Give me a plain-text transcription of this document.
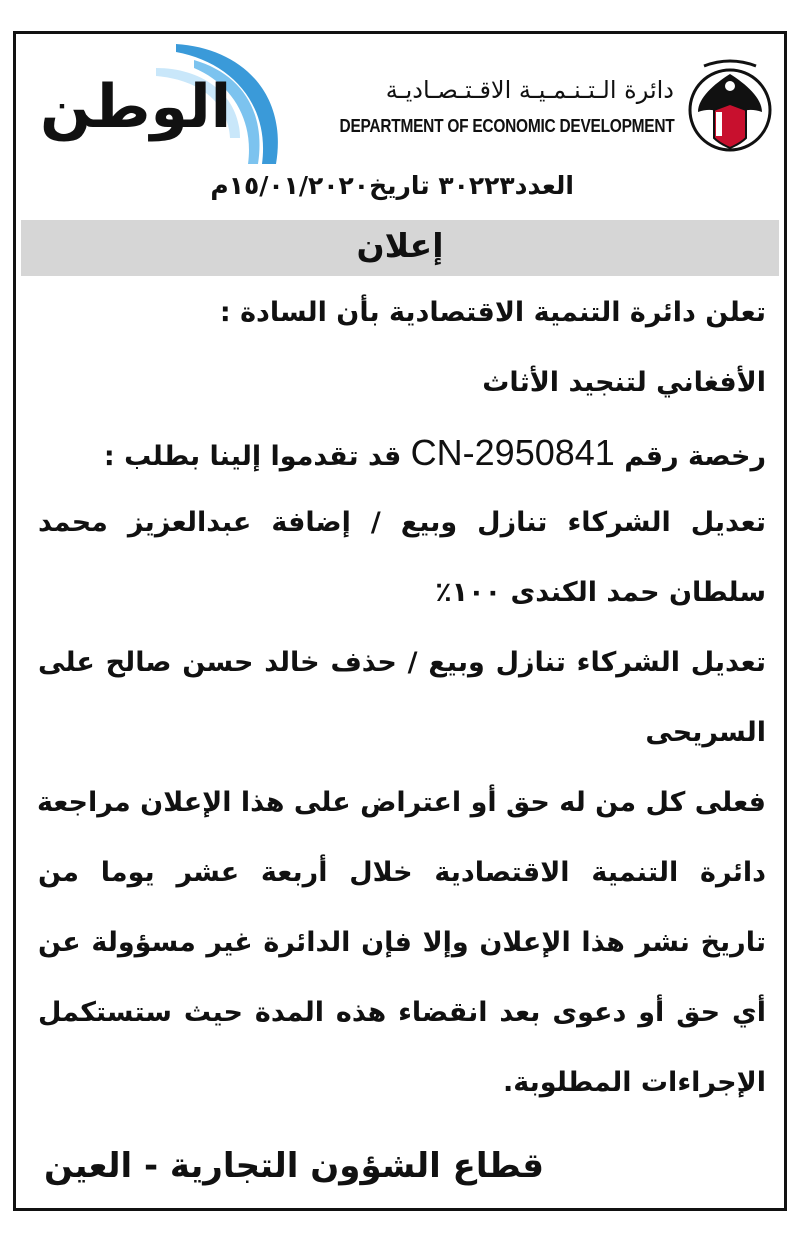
الوطن	دائرة الـتـنـمـيـة الاقـتـصـاديـة
DEPARTMENT OF ECONOMIC DEVELOPMENT
العدد٣٠٢٢٣ تاريخ١٥/٠١/٢٠٢٠م
إعلان
تعلن دائرة التنمية الاقتصادية بأن السادة :
الأفغاني لتنجيد الأثاث
رخصة رقم CN-2950841 قد تقدموا إلينا بطلب :
تعديل الشركاء تنازل وبيع / إضافة عبدالعزيز محمد
سلطان حمد الكندى ١٠٠٪
تعديل الشركاء تنازل وبيع / حذف خالد حسن صالح على
السريحى
فعلى كل من له حق أو اعتراض على هذا الإعلان مراجعة
دائرة التنمية الاقتصادية خلال أربعة عشر يوما من
تاريخ نشر هذا الإعلان وإلا فإن الدائرة غير مسؤولة عن
أي حق أو دعوى بعد انقضاء هذه المدة حيث ستستكمل
الإجراءات المطلوبة.
قطاع الشؤون التجارية - العين
